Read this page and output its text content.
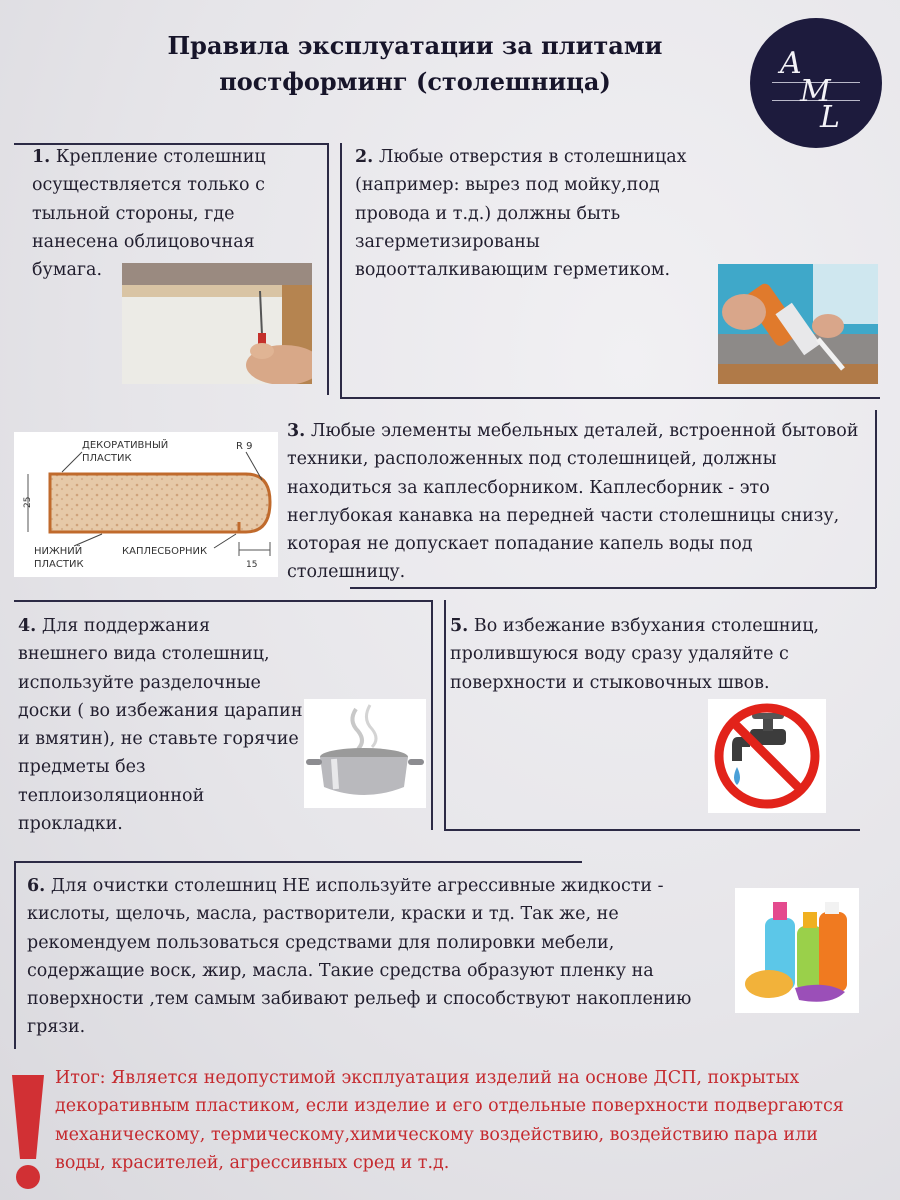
Правила эксплуатации за плитами
постформинг (столешница)
A
M
L
1. Крепление столешниц осуществляется только с тыльной стороны, где нанесена облицовочная бумага.
2. Любые отверстия в столешницах (например: вырез под мойку,под провода и т.д.) должны быть загерметизированы водоотталкивающим герметиком.
3. Любые элементы мебельных деталей, встроенной бытовой техники, расположенных под столешницей, должны находиться за каплесборником. Каплесборник - это неглубокая канавка на передней части столешницы снизу, которая не допускает попадание капель воды под столешницу.
25
ДЕКОРАТИВНЫЙ
ПЛАСТИК
R 9
НИЖНИЙ
ПЛАСТИК
КАПЛЕСБОРНИК
15
4. Для поддержания внешнего вида столешниц, используйте разделочные доски ( во избежания царапин и вмятин), не ставьте горячие предметы без теплоизоляционной прокладки.
5. Во избежание взбухания столешниц, пролившуюся воду сразу удаляйте с поверхности и стыковочных швов.
6. Для очистки столешниц НЕ используйте агрессивные жидкости - кислоты, щелочь, масла, растворители, краски и тд. Так же, не рекомендуем пользоваться средствами для полировки мебели, содержащие воск, жир, масла. Такие средства образуют пленку на поверхности ,тем самым забивают рельеф и способствуют накоплению грязи.
Итог: Является недопустимой эксплуатация изделий на основе ДСП, покрытых декоративным пластиком, если изделие и его отдельные поверхности подвергаются механическому, термическому,химическому воздействию, воздействию пара или воды, красителей, агрессивных сред и т.д.
